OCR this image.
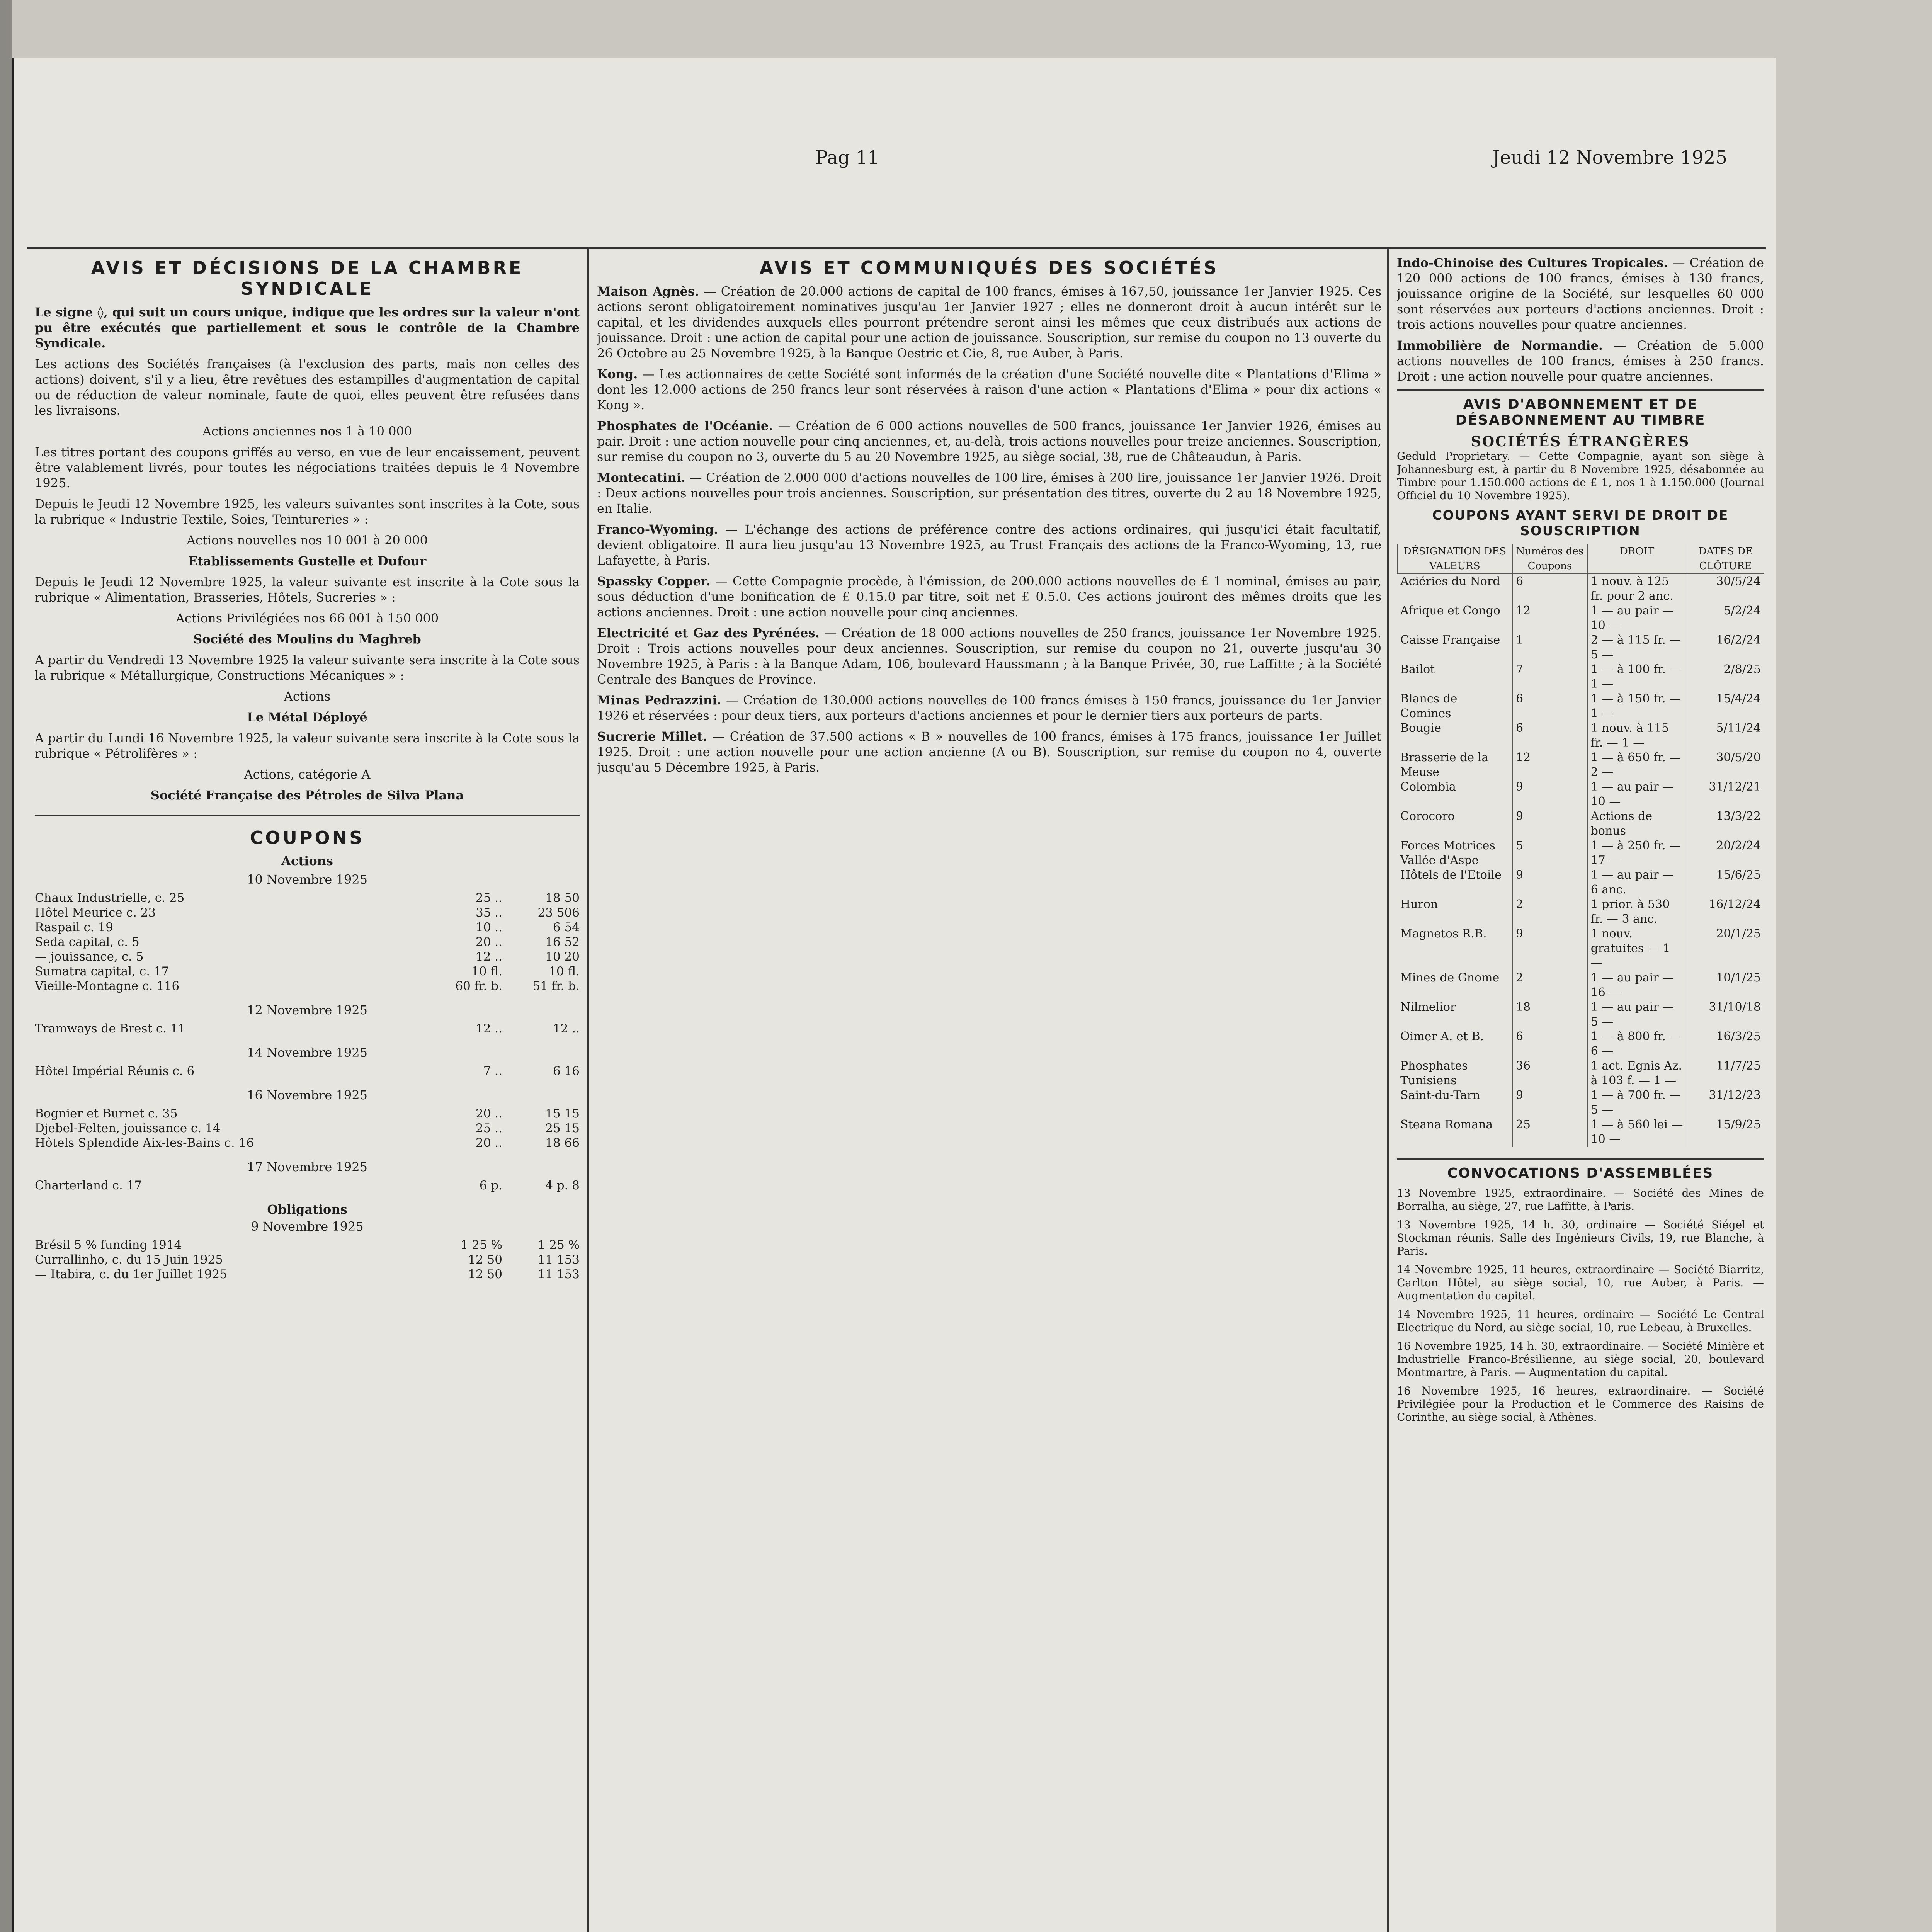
Pag 11	Jeudi 12 Novembre 1925
AVIS ET DÉCISIONS DE LA CHAMBRE SYNDICALE

Le signe ◊, qui suit un cours unique, indique que les ordres sur la valeur n'ont pu être exécutés que partiellement et sous le contrôle de la Chambre Syndicale.

Les actions des Sociétés françaises (à l'exclusion des parts, mais non celles des actions) doivent, s'il y a lieu, être revêtues des estampilles d'augmentation de capital ou de réduction de valeur nominale, faute de quoi, elles peuvent être refusées dans les livraisons.

Actions anciennes nos 1 à 10 000

Les titres portant des coupons griffés au verso, en vue de leur encaissement, peuvent être valablement livrés, pour toutes les négociations traitées depuis le 4 Novembre 1925.

Depuis le Jeudi 12 Novembre 1925, les valeurs suivantes sont inscrites à la Cote, sous la rubrique « Industrie Textile, Soies, Teintureries » :

Actions nouvelles nos 10 001 à 20 000

Etablissements Gustelle et Dufour

Depuis le Jeudi 12 Novembre 1925, la valeur suivante est inscrite à la Cote sous la rubrique « Alimentation, Brasseries, Hôtels, Sucreries » :

Actions Privilégiées nos 66 001 à 150 000

Société des Moulins du Maghreb

A partir du Vendredi 13 Novembre 1925 la valeur suivante sera inscrite à la Cote sous la rubrique « Métallurgique, Constructions Mécaniques » :

Actions

Le Métal Déployé

A partir du Lundi 16 Novembre 1925, la valeur suivante sera inscrite à la Cote sous la rubrique « Pétrolifères » :

Actions, catégorie A

Société Française des Pétroles de Silva Plana

COUPONS
Actions
10 Novembre 1925
Chaux Industrielle, c. 25	25 ..	18 50
Hôtel Meurice c. 23	35 ..	23 506
Raspail c. 19	10 ..	6 54
Seda capital, c. 5	20 ..	16 52
— jouissance, c. 5	12 ..	10 20
Sumatra capital, c. 17	10 fl.	10 fl.
Vieille-Montagne c. 116	60 fr. b.	51 fr. b.
12 Novembre 1925
Tramways de Brest c. 11	12 ..	12 ..
14 Novembre 1925
Hôtel Impérial Réunis c. 6	7 ..	6 16
16 Novembre 1925
Bognier et Burnet c. 35	20 ..	15 15
Djebel-Felten, jouissance c. 14	25 ..	25 15
Hôtels Splendide Aix-les-Bains c. 16	20 ..	18 66
17 Novembre 1925
Charterland c. 17	6 p.	4 p. 8
Obligations
9 Novembre 1925
Brésil 5 % funding 1914	1 25 %	1 25 %
Currallinho, c. du 15 Juin 1925	12 50	11 153
— Itabira, c. du 1er Juillet 1925	12 50	11 153
AVIS ET COMMUNIQUÉS DES SOCIÉTÉS

Maison Agnès. — Création de 20.000 actions de capital de 100 francs, émises à 167,50, jouissance 1er Janvier 1925. Ces actions seront obligatoirement nominatives jusqu'au 1er Janvier 1927 ; elles ne donneront droit à aucun intérêt sur le capital, et les dividendes auxquels elles pourront prétendre seront ainsi les mêmes que ceux distribués aux actions de jouissance. Droit : une action de capital pour une action de jouissance. Souscription, sur remise du coupon no 13 ouverte du 26 Octobre au 25 Novembre 1925, à la Banque Oestric et Cie, 8, rue Auber, à Paris.

Kong. — Les actionnaires de cette Société sont informés de la création d'une Société nouvelle dite « Plantations d'Elima » dont les 12.000 actions de 250 francs leur sont réservées à raison d'une action « Plantations d'Elima » pour dix actions « Kong ».

Phosphates de l'Océanie. — Création de 6 000 actions nouvelles de 500 francs, jouissance 1er Janvier 1926, émises au pair. Droit : une action nouvelle pour cinq anciennes, et, au-delà, trois actions nouvelles pour treize anciennes. Souscription, sur remise du coupon no 3, ouverte du 5 au 20 Novembre 1925, au siège social, 38, rue de Châteaudun, à Paris.

Montecatini. — Création de 2.000 000 d'actions nouvelles de 100 lire, émises à 200 lire, jouissance 1er Janvier 1926. Droit : Deux actions nouvelles pour trois anciennes. Souscription, sur présentation des titres, ouverte du 2 au 18 Novembre 1925, en Italie.

Franco-Wyoming. — L'échange des actions de préférence contre des actions ordinaires, qui jusqu'ici était facultatif, devient obligatoire. Il aura lieu jusqu'au 13 Novembre 1925, au Trust Français des actions de la Franco-Wyoming, 13, rue Lafayette, à Paris.

Spassky Copper. — Cette Compagnie procède, à l'émission, de 200.000 actions nouvelles de £ 1 nominal, émises au pair, sous déduction d'une bonification de £ 0.15.0 par titre, soit net £ 0.5.0. Ces actions jouiront des mêmes droits que les actions anciennes. Droit : une action nouvelle pour cinq anciennes.

Electricité et Gaz des Pyrénées. — Création de 18 000 actions nouvelles de 250 francs, jouissance 1er Novembre 1925. Droit : Trois actions nouvelles pour deux anciennes. Souscription, sur remise du coupon no 21, ouverte jusqu'au 30 Novembre 1925, à Paris : à la Banque Adam, 106, boulevard Haussmann ; à la Banque Privée, 30, rue Laffitte ; à la Société Centrale des Banques de Province.

Minas Pedrazzini. — Création de 130.000 actions nouvelles de 100 francs émises à 150 francs, jouissance du 1er Janvier 1926 et réservées : pour deux tiers, aux porteurs d'actions anciennes et pour le dernier tiers aux porteurs de parts.

Sucrerie Millet. — Création de 37.500 actions « B » nouvelles de 100 francs, émises à 175 francs, jouissance 1er Juillet 1925. Droit : une action nouvelle pour une action ancienne (A ou B). Souscription, sur remise du coupon no 4, ouverte jusqu'au 5 Décembre 1925, à Paris.

Indo-Chinoise des Cultures Tropicales. — Création de 120 000 actions de 100 francs, émises à 130 francs, jouissance origine de la Société, sur lesquelles 60 000 sont réservées aux porteurs d'actions anciennes. Droit : trois actions nouvelles pour quatre anciennes.

Immobilière de Normandie. — Création de 5.000 actions nouvelles de 100 francs, émises à 250 francs. Droit : une action nouvelle pour quatre anciennes.

AVIS D'ABONNEMENT ET DE DÉSABONNEMENT AU TIMBRE
SOCIÉTÉS ÉTRANGÈRES

Geduld Proprietary. — Cette Compagnie, ayant son siège à Johannesburg est, à partir du 8 Novembre 1925, désabonnée au Timbre pour 1.150.000 actions de £ 1, nos 1 à 1.150.000 (Journal Officiel du 10 Novembre 1925).

COUPONS AYANT SERVI DE DROIT DE SOUSCRIPTION
DÉSIGNATION DES VALEURS	Numéros des Coupons	DROIT	DATES DE CLÔTURE
Aciéries du Nord	6	1 nouv. à 125 fr. pour 2 anc.	30/5/24
Afrique et Congo	12	1 — au pair — 10 —	5/2/24
Caisse Française	1	2 — à 115 fr. — 5 —	16/2/24
Bailot	7	1 — à 100 fr. — 1 —	2/8/25
Blancs de Comines	6	1 — à 150 fr. — 1 —	15/4/24
Bougie	6	1 nouv. à 115 fr. — 1 —	5/11/24
Brasserie de la Meuse	12	1 — à 650 fr. — 2 —	30/5/20
Colombia	9	1 — au pair — 10 —	31/12/21
Corocoro	9	Actions de bonus	13/3/22
Forces Motrices Vallée d'Aspe	5	1 — à 250 fr. — 17 —	20/2/24
Hôtels de l'Etoile	9	1 — au pair — 6 anc.	15/6/25
Huron	2	1 prior. à 530 fr. — 3 anc.	16/12/24
Magnetos R.B.	9	1 nouv. gratuites — 1 —	20/1/25
Mines de Gnome	2	1 — au pair — 16 —	10/1/25
Nilmelior	18	1 — au pair — 5 —	31/10/18
Oimer A. et B.	6	1 — à 800 fr. — 6 —	16/3/25
Phosphates Tunisiens	36	1 act. Egnis Az. à 103 f. — 1 —	11/7/25
Saint-du-Tarn	9	1 — à 700 fr. — 5 —	31/12/23
Steana Romana	25	1 — à 560 lei — 10 —	15/9/25
CONVOCATIONS D'ASSEMBLÉES

13 Novembre 1925, extraordinaire. — Société des Mines de Borralha, au siège, 27, rue Laffitte, à Paris.

13 Novembre 1925, 14 h. 30, ordinaire — Société Siégel et Stockman réunis. Salle des Ingénieurs Civils, 19, rue Blanche, à Paris.

14 Novembre 1925, 11 heures, extraordinaire — Société Biarritz, Carlton Hôtel, au siège social, 10, rue Auber, à Paris. — Augmentation du capital.

14 Novembre 1925, 11 heures, ordinaire — Société Le Central Electrique du Nord, au siège social, 10, rue Lebeau, à Bruxelles.

16 Novembre 1925, 14 h. 30, extraordinaire. — Société Minière et Industrielle Franco-Brésilienne, au siège social, 20, boulevard Montmartre, à Paris. — Augmentation du capital.

16 Novembre 1925, 16 heures, extraordinaire. — Société Privilégiée pour la Production et le Commerce des Raisins de Corinthe, au siège social, à Athènes.
